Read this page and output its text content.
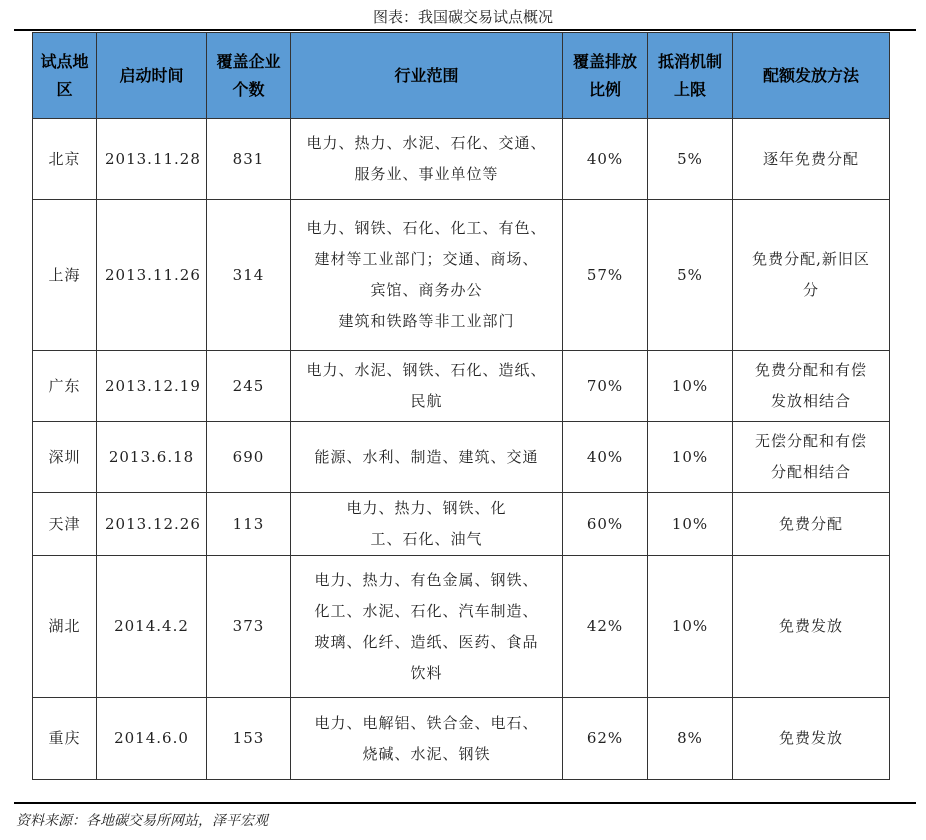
图表：我国碳交易试点概况
试点地区	启动时间	覆盖企业个数	行业范围	覆盖排放比例	抵消机制上限	配额发放方法
北京	2013.11.28	831	电力、热力、水泥、石化、交通、
服务业、事业单位等	40%	5%	逐年免费分配

上海	2013.11.26	314	电力、钢铁、石化、化工、有色、
建材等工业部门；交通、商场、
宾馆、商务办公
建筑和铁路等非工业部门	57%	5%	免费分配,新旧区
分

广东	2013.12.19	245	电力、水泥、钢铁、石化、造纸、
民航	70%	10%	免费分配和有偿
发放相结合

深圳	2013.6.18	690	能源、水利、制造、建筑、交通	40%	10%	无偿分配和有偿
分配相结合

天津	2013.12.26	113	电力、热力、钢铁、化
工、石化、油气	60%	10%	免费分配

湖北	2014.4.2	373	电力、热力、有色金属、钢铁、
化工、水泥、石化、汽车制造、
玻璃、化纤、造纸、医药、食品
饮料	42%	10%	免费发放

重庆	2014.6.0	153	电力、电解铝、铁合金、电石、
烧碱、水泥、钢铁	62%	8%	免费发放
资料来源：各地碳交易所网站，泽平宏观
